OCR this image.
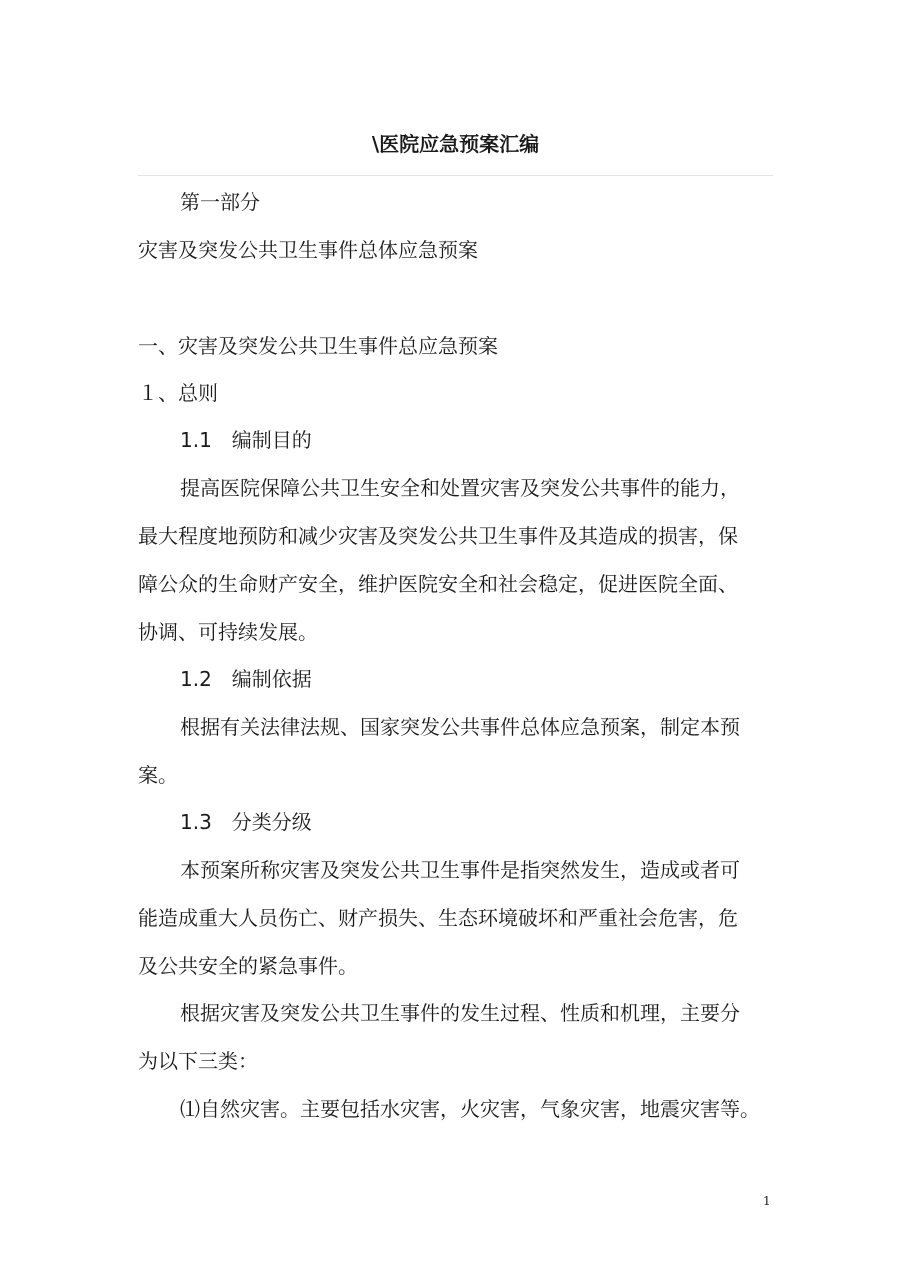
\医院应急预案汇编
第一部分
灾害及突发公共卫生事件总体应急预案
一、灾害及突发公共卫生事件总应急预案
１、总则
1.1　编制目的
提高医院保障公共卫生安全和处置灾害及突发公共事件的能力，
最大程度地预防和减少灾害及突发公共卫生事件及其造成的损害，保
障公众的生命财产安全，维护医院安全和社会稳定，促进医院全面、
协调、可持续发展。
1.2　编制依据
根据有关法律法规、国家突发公共事件总体应急预案，制定本预
案。
1.3　分类分级
本预案所称灾害及突发公共卫生事件是指突然发生，造成或者可
能造成重大人员伤亡、财产损失、生态环境破坏和严重社会危害，危
及公共安全的紧急事件。
根据灾害及突发公共卫生事件的发生过程、性质和机理，主要分
为以下三类：
⑴自然灾害。主要包括水灾害，火灾害，气象灾害，地震灾害等。
1
